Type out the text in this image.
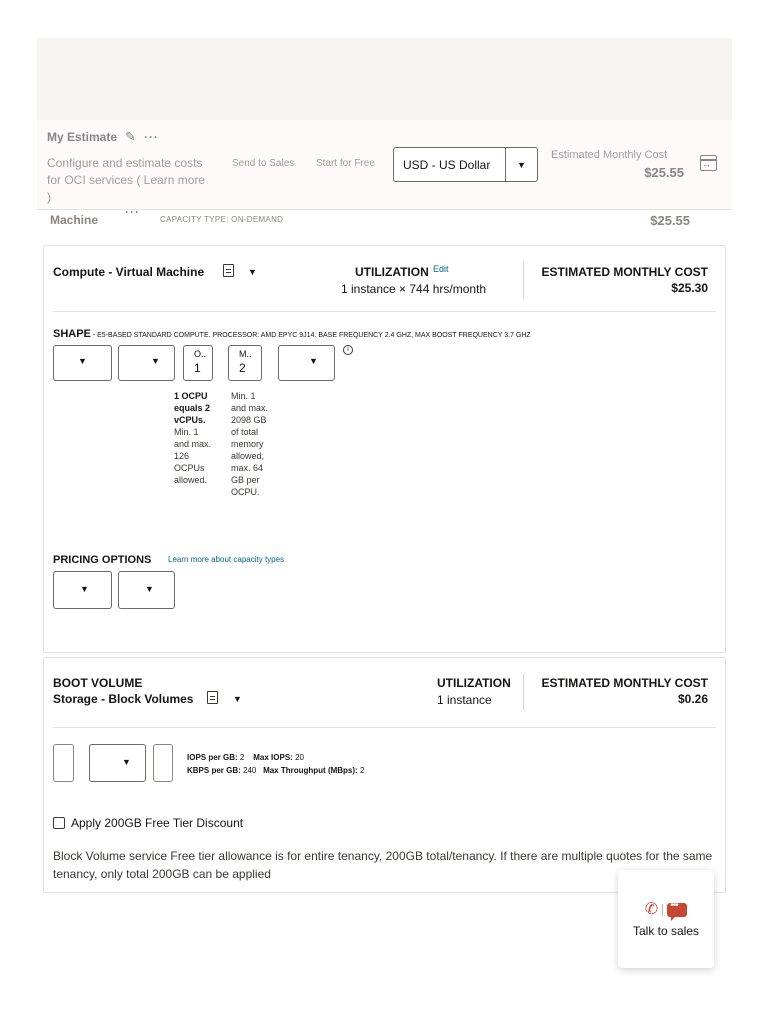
My Estimate ✎ ···
Configure and estimate costs
for OCI services ( Learn more
)
Send to Sales Start for Free	USD - US Dollar	▼
Estimated Monthly Cost
$25.55
↔
Machine
···
CAPACITY TYPE: ON-DEMAND	$25.55
Compute - Virtual Machine	▼	UTILIZATION Edit
1 instance × 744 hrs/month
ESTIMATED MONTHLY COST
$25.30
SHAPE - E5-BASED STANDARD COMPUTE. PROCESSOR: AMD EPYC 9J14. BASE FREQUENCY 2.4 GHZ, MAX BOOST FREQUENCY 3.7 GHZ
▼	▼
O..
1
M..
2	▼
i
1 OCPU equals 2 vCPUs. Min. 1 and max. 126 OCPUs allowed.
Min. 1 and max. 2098 GB of total memory allowed, max. 64 GB per OCPU.
PRICING OPTIONS Learn more about capacity types
▼	▼
BOOT VOLUME
Storage - Block Volumes	▼
UTILIZATION
1 instance
ESTIMATED MONTHLY COST
$0.26
▼	IOPS per GB: 2 Max IOPS: 20
KBPS per GB: 240 Max Throughput (MBps): 2
Apply 200GB Free Tier Discount
Block Volume service Free tier allowance is for entire tenancy, 200GB total/tenancy. If there are multiple quotes for the same tenancy, only total 200GB can be applied
✆
•••
Talk to sales
